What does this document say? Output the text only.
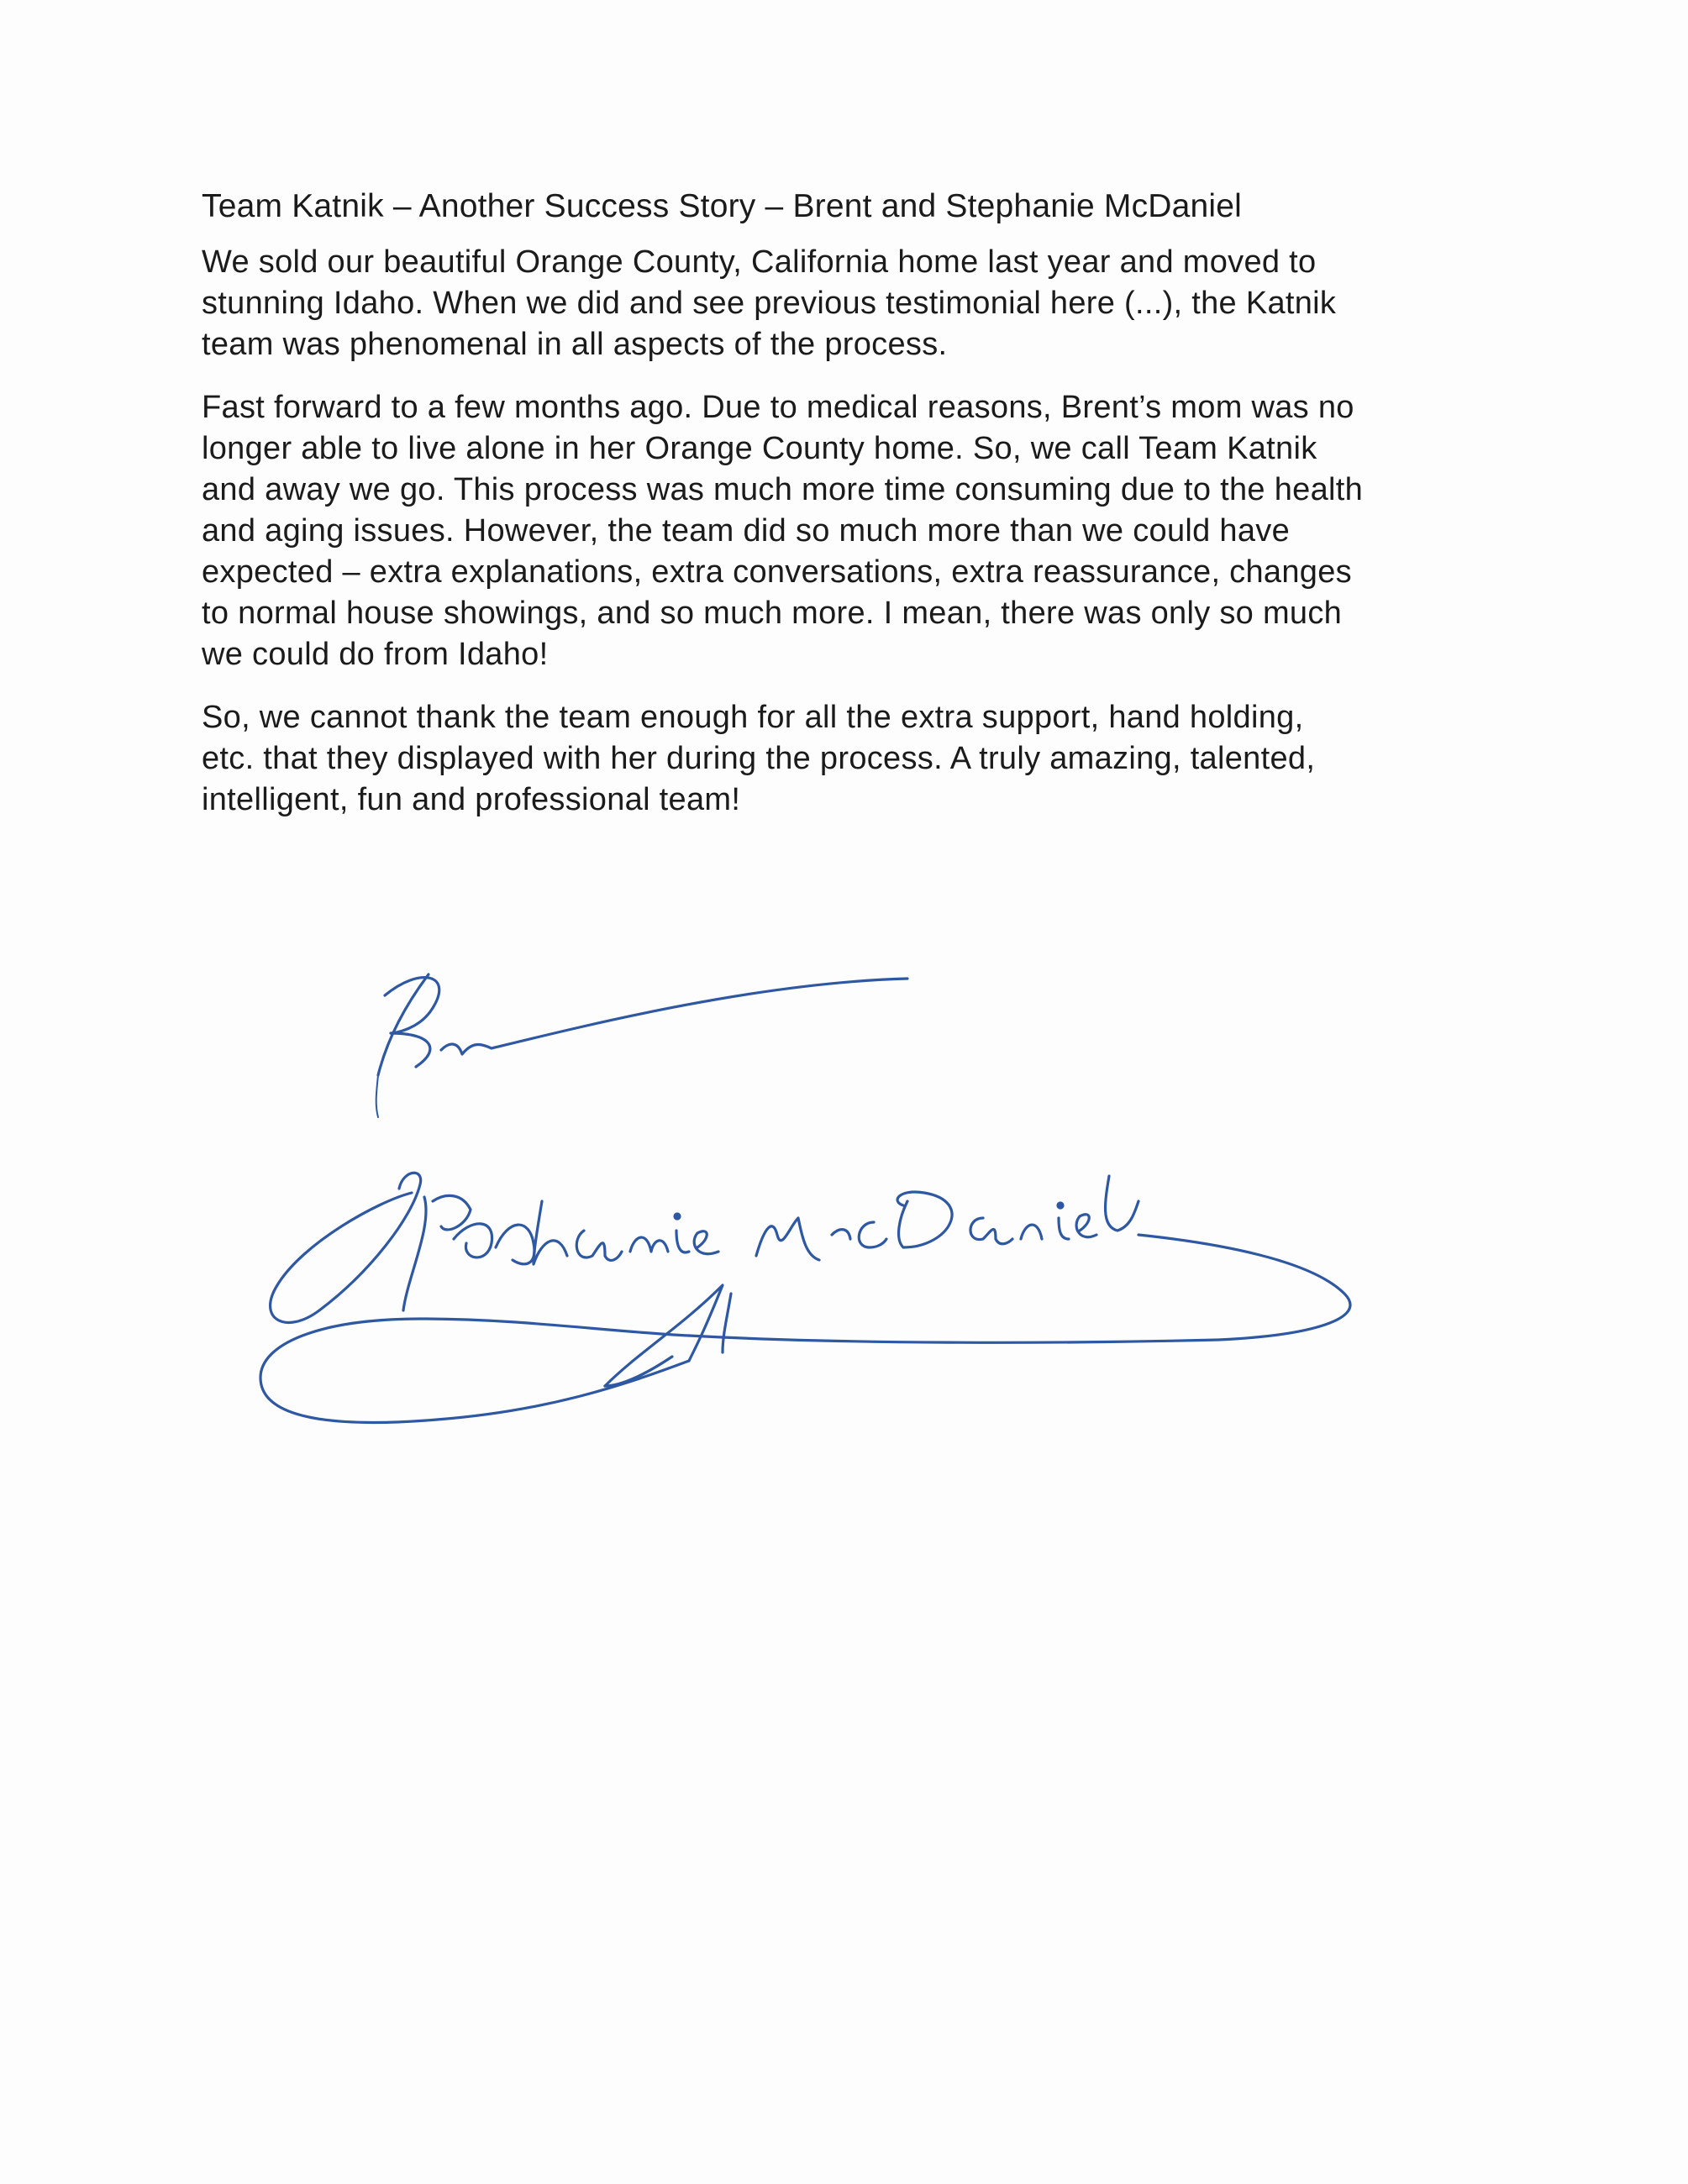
Team Katnik – Another Success Story – Brent and Stephanie McDaniel

We sold our beautiful Orange County, California home last year and moved to
stunning Idaho. When we did and see previous testimonial here (...), the Katnik
team was phenomenal in all aspects of the process.

Fast forward to a few months ago. Due to medical reasons, Brent’s mom was no
longer able to live alone in her Orange County home. So, we call Team Katnik
and away we go. This process was much more time consuming due to the health
and aging issues. However, the team did so much more than we could have
expected – extra explanations, extra conversations, extra reassurance, changes
to normal house showings, and so much more. I mean, there was only so much
we could do from Idaho!

So, we cannot thank the team enough for all the extra support, hand holding,
etc. that they displayed with her during the process. A truly amazing, talented,
intelligent, fun and professional team!
